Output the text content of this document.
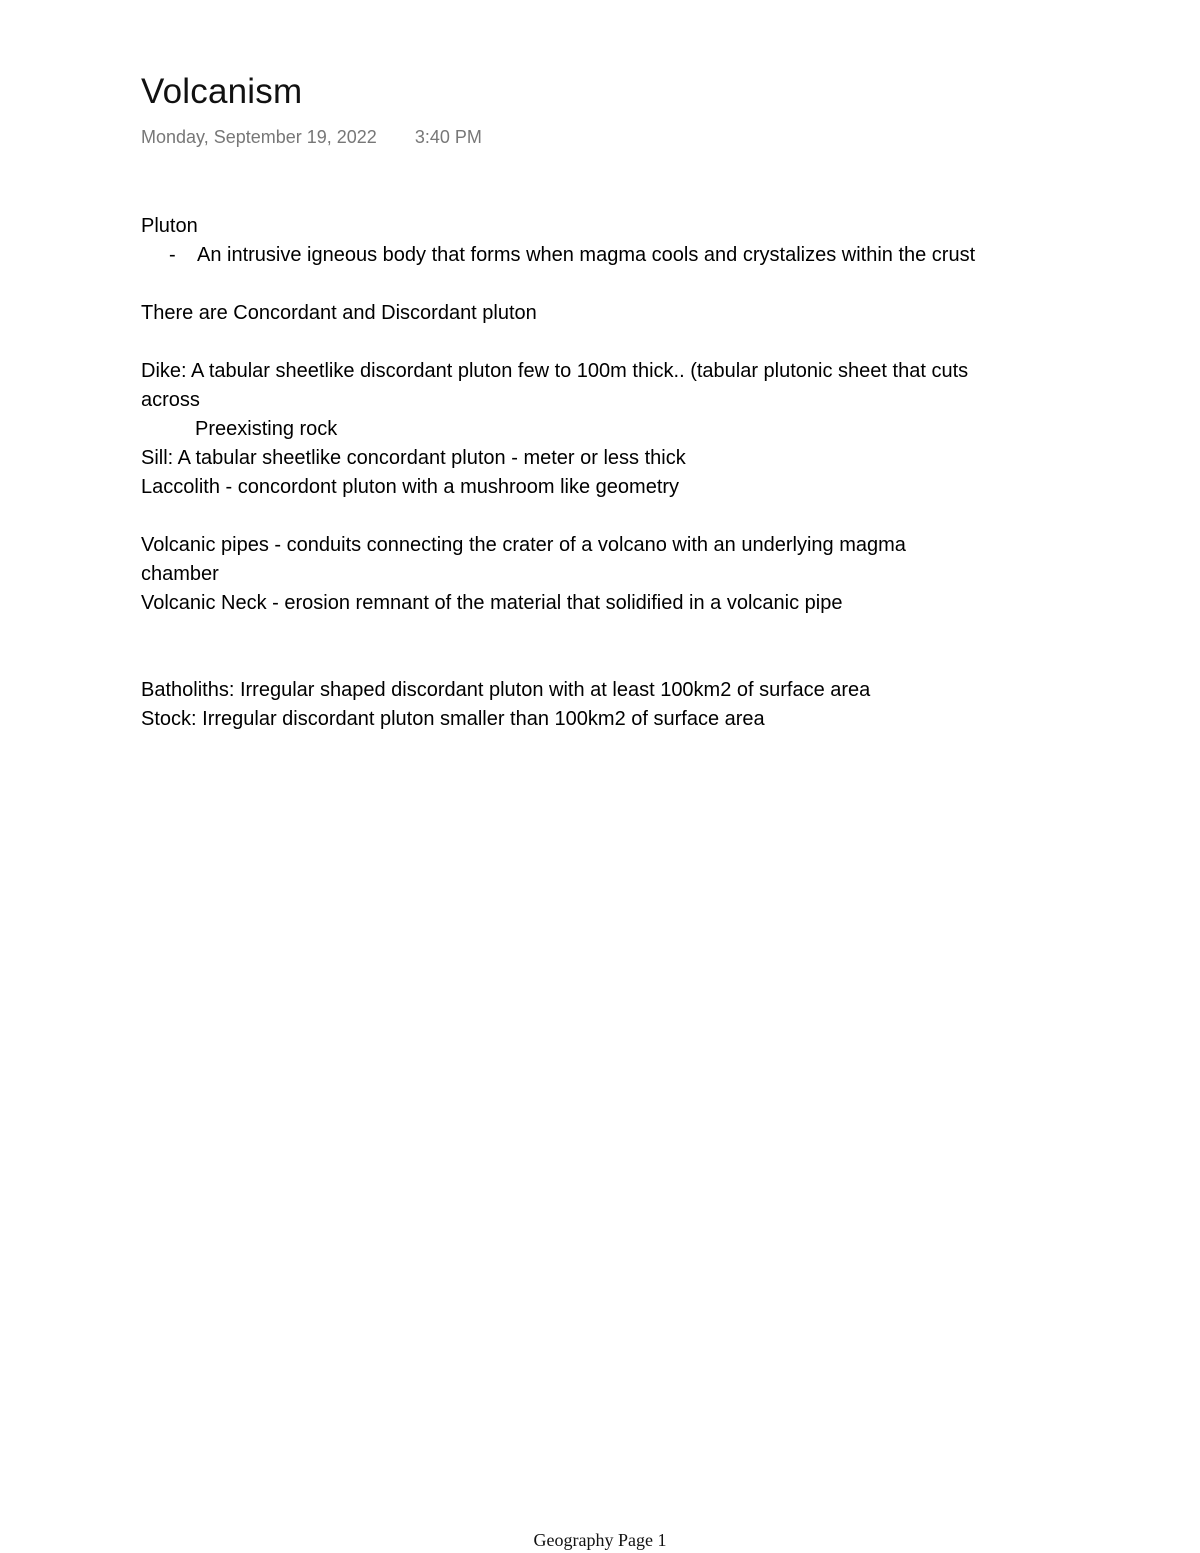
Volcanism
Monday, September 19, 2022 3:40 PM
Pluton
-	An intrusive igneous body that forms when magma cools and crystalizes within the crust
There are Concordant and Discordant pluton
Dike: A tabular sheetlike discordant pluton few to 100m thick.. (tabular plutonic sheet that cuts
across
Preexisting rock
Sill: A tabular sheetlike concordant pluton - meter or less thick
Laccolith - concordont pluton with a mushroom like geometry
Volcanic pipes - conduits connecting the crater of a volcano with an underlying magma
chamber
Volcanic Neck - erosion remnant of the material that solidified in a volcanic pipe
Batholiths: Irregular shaped discordant pluton with at least 100km2 of surface area
Stock: Irregular discordant pluton smaller than 100km2 of surface area
Geography Page 1
